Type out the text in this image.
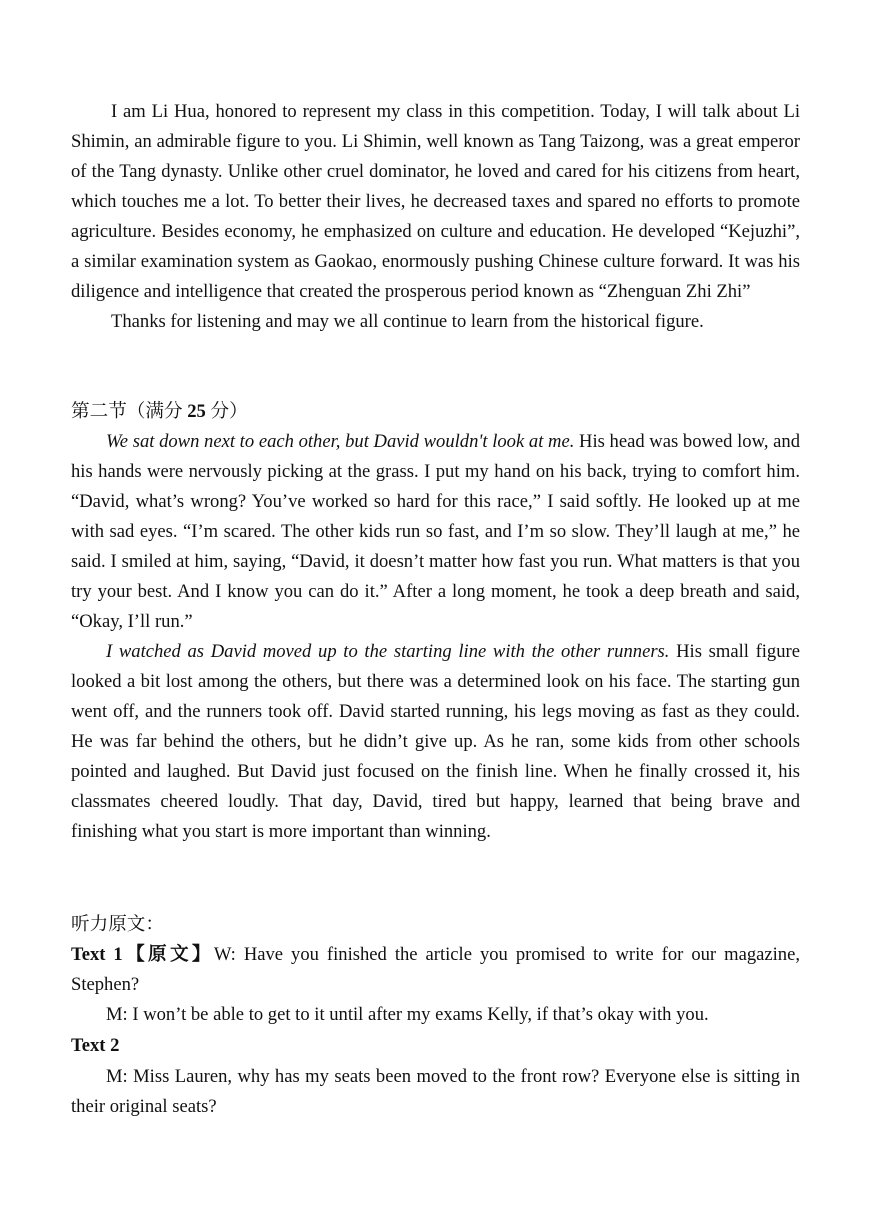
I am Li Hua, honored to represent my class in this competition. Today, I will talk about Li Shimin, an admirable figure to you. Li Shimin, well known as Tang Taizong, was a great emperor of the Tang dynasty. Unlike other cruel dominator, he loved and cared for his citizens from heart, which touches me a lot. To better their lives, he decreased taxes and spared no efforts to promote agriculture. Besides economy, he emphasized on culture and education. He developed “Kejuzhi”, a similar examination system as Gaokao, enormously pushing Chinese culture forward. It was his diligence and intelligence that created the prosperous period known as “Zhenguan Zhi Zhi”

Thanks for listening and may we all continue to learn from the historical figure.

第二节（满分 25 分）

We sat down next to each other, but David wouldn't look at me. His head was bowed low, and his hands were nervously picking at the grass. I put my hand on his back, trying to comfort him. “David, what’s wrong? You’ve worked so hard for this race,” I said softly. He looked up at me with sad eyes. “I’m scared. The other kids run so fast, and I’m so slow. They’ll laugh at me,” he said. I smiled at him, saying, “David, it doesn’t matter how fast you run. What matters is that you try your best. And I know you can do it.” After a long moment, he took a deep breath and said, “Okay, I’ll run.”

I watched as David moved up to the starting line with the other runners. His small figure looked a bit lost among the others, but there was a determined look on his face. The starting gun went off, and the runners took off. David started running, his legs moving as fast as they could. He was far behind the others, but he didn’t give up. As he ran, some kids from other schools pointed and laughed. But David just focused on the finish line. When he finally crossed it, his classmates cheered loudly. That day, David, tired but happy, learned that being brave and finishing what you start is more important than winning.

听力原文：

Text 1【原文】W: Have you finished the article you promised to write for our magazine, Stephen?

M: I won’t be able to get to it until after my exams Kelly, if that’s okay with you.

Text 2

M: Miss Lauren, why has my seats been moved to the front row? Everyone else is sitting in their original seats?
